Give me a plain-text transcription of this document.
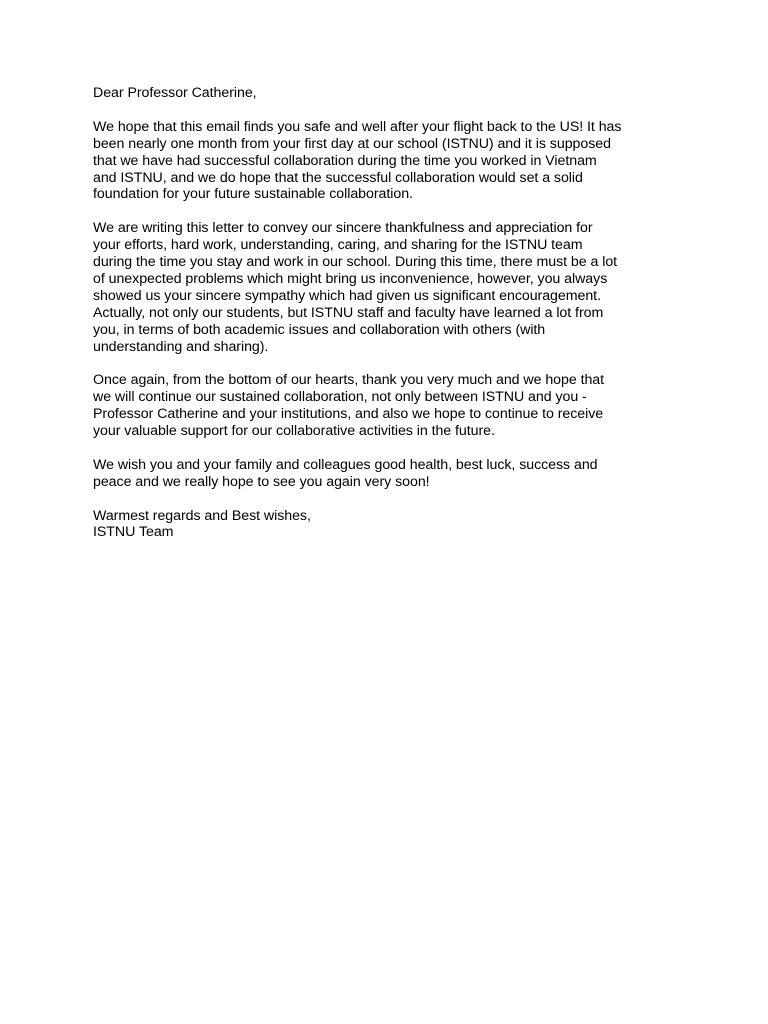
Dear Professor Catherine,

We hope that this email finds you safe and well after your flight back to the US! It has
been nearly one month from your first day at our school (ISTNU) and it is supposed
that we have had successful collaboration during the time you worked in Vietnam
and ISTNU, and we do hope that the successful collaboration would set a solid
foundation for your future sustainable collaboration.

We are writing this letter to convey our sincere thankfulness and appreciation for
your efforts, hard work, understanding, caring, and sharing for the ISTNU team
during the time you stay and work in our school. During this time, there must be a lot
of unexpected problems which might bring us inconvenience, however, you always
showed us your sincere sympathy which had given us significant encouragement.
Actually, not only our students, but ISTNU staff and faculty have learned a lot from
you, in terms of both academic issues and collaboration with others (with
understanding and sharing).

Once again, from the bottom of our hearts, thank you very much and we hope that
we will continue our sustained collaboration, not only between ISTNU and you -
Professor Catherine and your institutions, and also we hope to continue to receive
your valuable support for our collaborative activities in the future.

We wish you and your family and colleagues good health, best luck, success and
peace and we really hope to see you again very soon!

Warmest regards and Best wishes,
ISTNU Team
